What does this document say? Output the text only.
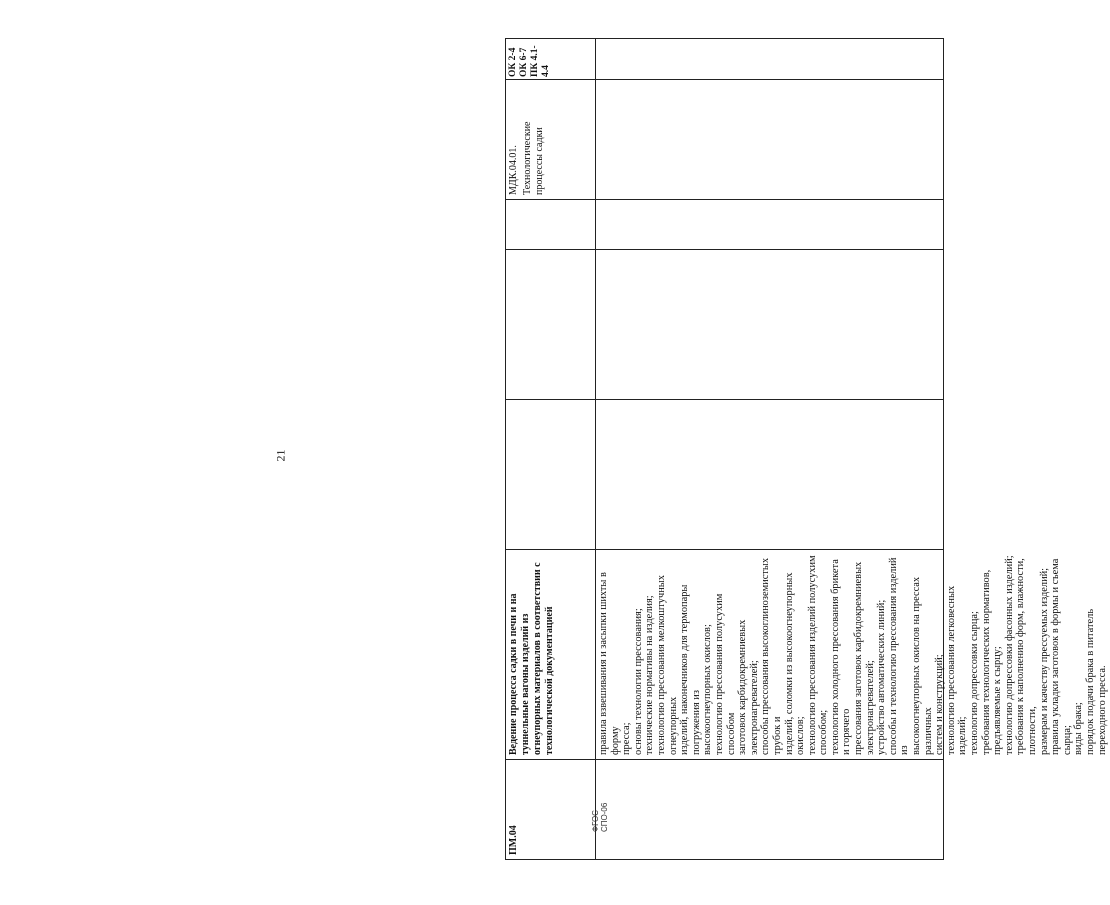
ПМ.04
Ведение процесса садки в печи и на туннельные вагоны изделий из огнеупорных материалов в соответствии с технологической документацией
МДК.04.01. Технологические процессы садки
ОК 2-4 ОК 6-7 ПК 4.1-4.4
правила взвешивания и засыпки шихты в форму пресса; основы технологии прессования; технические нормативы на изделия; технологию прессования мелкоштучных огнеупорных изделий, наконечников для термопары погружения из высокоогнеупорных окислов; технологию прессования полусухим способом заготовок карбидокремниевых электронагревателей; способы прессования высокоглиноземистых трубок и изделий, соломки из высокоогнеупорных окислов; технологию прессования изделий полусухим способом; технологию холодного прессования брикета и горячего прессования заготовок карбидокремниевых электронагревателей; устройство автоматических линий; способы и технологию прессования изделий из высокоогнеупорных окислов на прессах различных систем и конструкций; технологию прессования легковесных изделий; технологию допрессовки сырца; требования технологических нормативов, предъявляемые к сырцу; технологию допрессовки фасонных изделий; требования к наполнению форм, влажности, плотности, размерам и качеству прессуемых изделий; правила укладки заготовок в формы и съема сырца; виды брака; порядок подачи брака в питатель переходного пресса.
21
ФГОС СПО-06
